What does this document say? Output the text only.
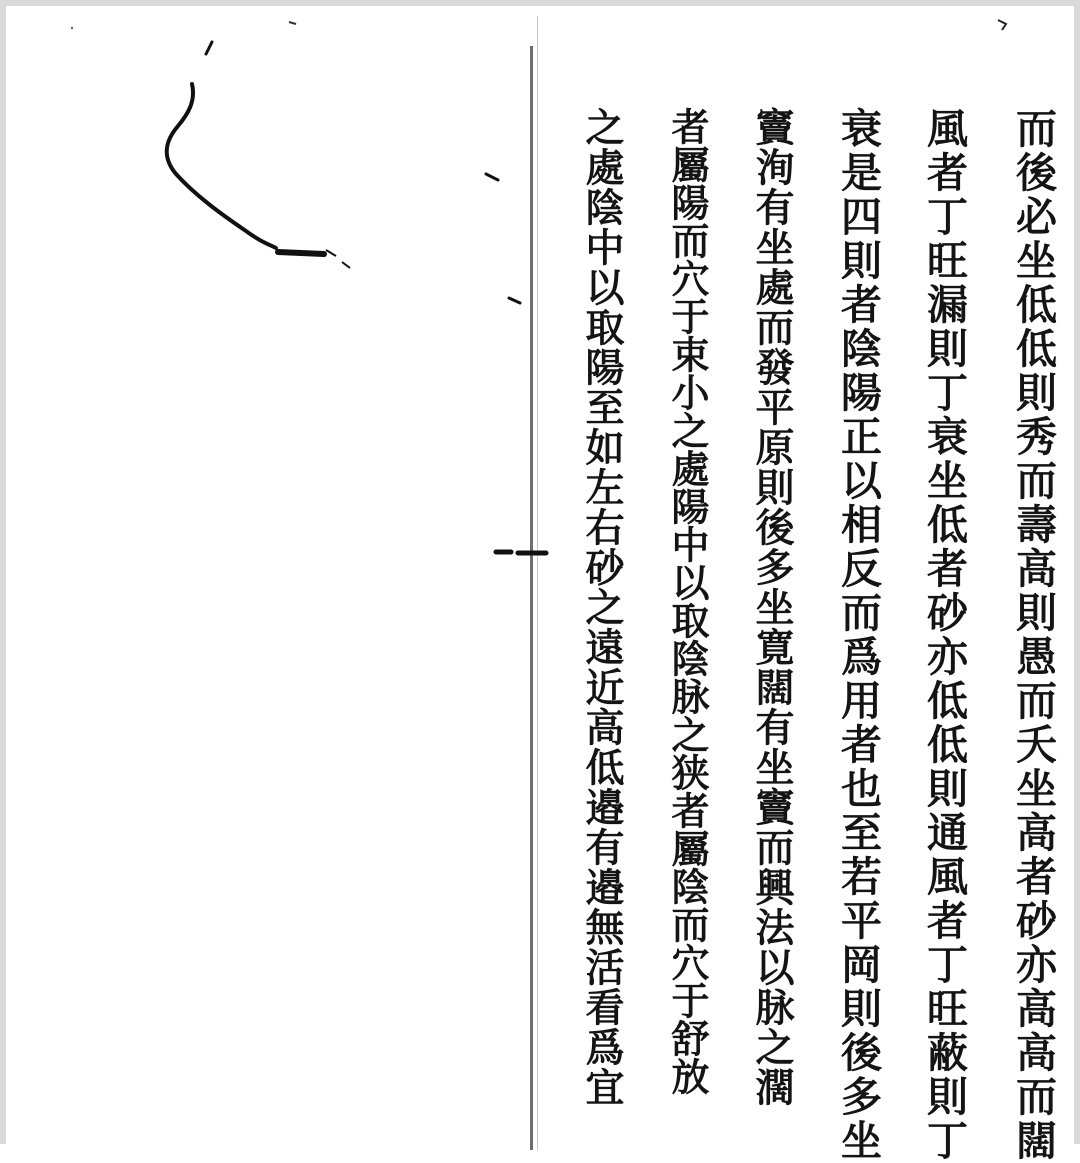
而後必坐低低則秀而壽高則愚而夭坐高者砂亦高高而闊
風者丁旺漏則丁衰坐低者砂亦低低則通風者丁旺蔽則丁
衰是四則者陰陽正以相反而爲用者也至若平岡則後多坐
竇洵有坐處而發平原則後多坐寛闊有坐竇而興法以脉之濶
者屬陽而穴于束小之處陽中以取陰脉之狭者屬陰而穴于舒放
之處陰中以取陽至如左右砂之遠近高低邉有邉無活看爲宜
